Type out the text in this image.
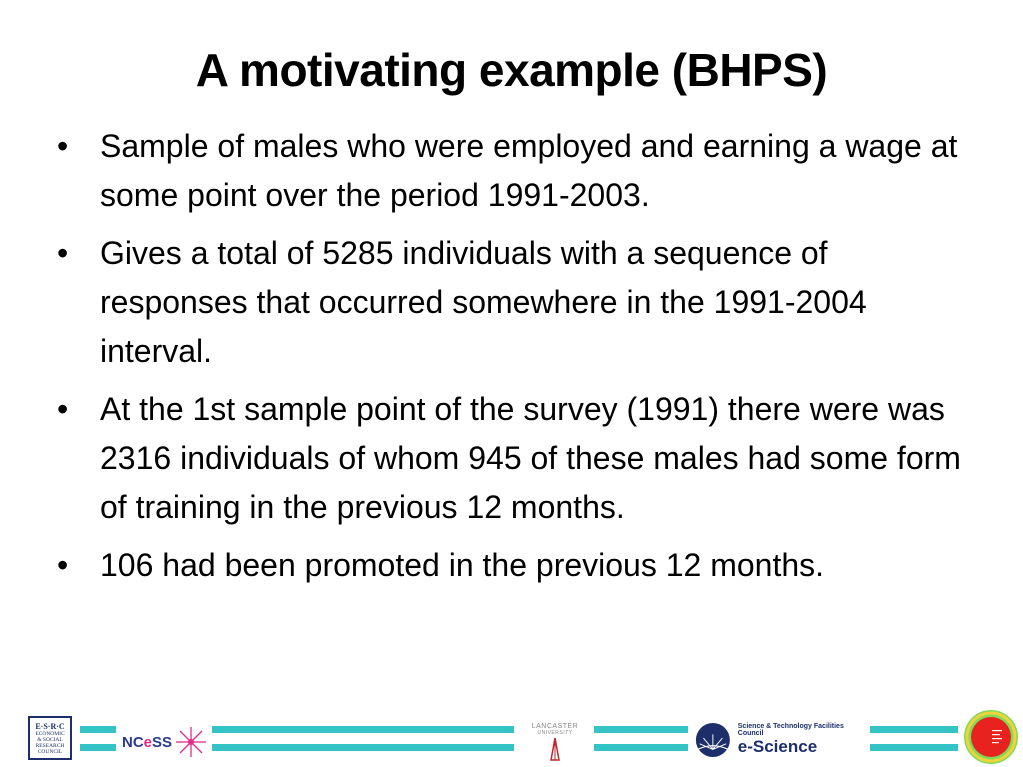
A motivating example (BHPS)
• Sample of males who were employed and earning a wage at some point over the period 1991-2003.
• Gives a total of 5285 individuals with a sequence of responses that occurred somewhere in the 1991-2004 interval.
• At the 1st sample point of the survey (1991) there were was 2316 individuals of whom 945 of these males had some form of training in the previous 12 months.
• 106 had been promoted in the previous 12 months.
E·S·R·C
ECONOMIC
& SOCIAL
RESEARCH
COUNCIL
NCeSS
LANCASTER
UNIVERSITY
Science & Technology Facilities Council
e-Science
